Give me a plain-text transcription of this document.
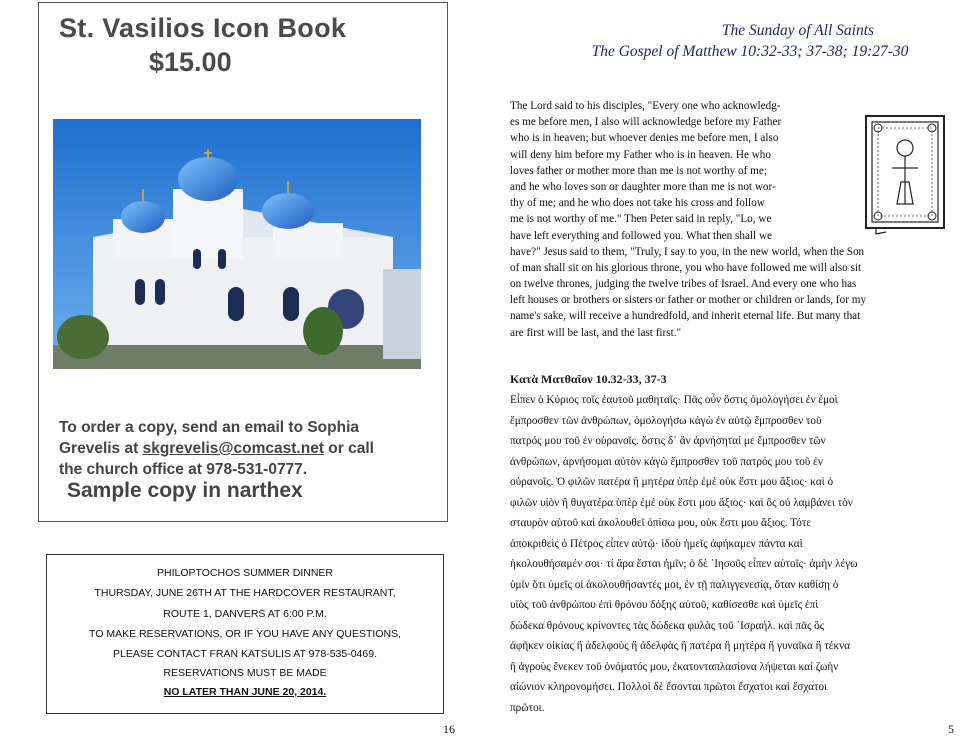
St. Vasilios Icon Book
$15.00
To order a copy, send an email to Sophia
Grevelis at skgrevelis@comcast.net or call
the church office at 978-531-0777.
Sample copy in narthex
PHILOPTOCHOS SUMMER DINNER
THURSDAY, JUNE 26TH AT THE HARDCOVER RESTAURANT,
ROUTE 1, DANVERS AT 6:00 P.M.
TO MAKE RESERVATIONS, OR IF YOU HAVE ANY QUESTIONS,
PLEASE CONTACT FRAN KATSULIS AT 978-535-0469.
RESERVATIONS MUST BE MADE
NO LATER THAN JUNE 20, 2014.
16
The Sunday of All Saints
The Gospel of Matthew 10:32-33; 37-38; 19:27-30
The Lord said to his disciples, "Every one who acknowledg-
es me before men, I also will acknowledge before my Father
who is in heaven; but whoever denies me before men, I also
will deny him before my Father who is in heaven. He who
loves father or mother more than me is not worthy of me;
and he who loves son or daughter more than me is not wor-
thy of me; and he who does not take his cross and follow
me is not worthy of me." Then Peter said in reply, "Lo, we
have left everything and followed you. What then shall we
have?" Jesus said to them, "Truly, I say to you, in the new world, when the Son
of man shall sit on his glorious throne, you who have followed me will also sit
on twelve thrones, judging the twelve tribes of Israel. And every one who has
left houses or brothers or sisters or father or mother or children or lands, for my
name's sake, will receive a hundredfold, and inherit eternal life. But many that
are first will be last, and the last first."
Κατὰ Ματθαῖον 10.32-33, 37-3
Εἶπεν ὁ Κύριος τοῖς ἑαυτοῦ μαθηταῖς· Πᾶς οὖν ὅστις ὁμολογήσει ἐν ἐμοὶ
ἔμπροσθεν τῶν ἀνθρώπων, ὁμολογήσω κἀγὼ ἐν αὐτῷ ἔμπροσθεν τοῦ
πατρός μου τοῦ ἐν οὐρανοῖς. ὅστις δ᾿ ἂν ἀρνήσηταί με ἔμπροσθεν τῶν
ἀνθρώπων, ἀρνήσομαι αὐτὸν κἀγὼ ἔμπροσθεν τοῦ πατρός μου τοῦ ἐν
οὐρανοῖς. Ὁ φιλῶν πατέρα ἢ μητέρα ὑπὲρ ἐμὲ οὐκ ἔστι μου ἄξιος· καὶ ὁ
φιλῶν υἱὸν ἢ θυγατέρα ὑπὲρ ἐμὲ οὐκ ἔστι μου ἄξιος· καὶ ὃς οὐ λαμβάνει τὸν
σταυρὸν αὐτοῦ καὶ ἀκολουθεῖ ὀπίσω μου, οὐκ ἔστι μου ἄξιος. Τότε
ἀποκριθεὶς ὁ Πέτρος εἶπεν αὐτῷ· ἰδοὺ ἡμεῖς ἀφήκαμεν πάντα καὶ
ἠκολουθήσαμέν σοι· τί ἄρα ἔσται ἡμῖν; ὁ δὲ ᾿Ιησοῦς εἶπεν αὐτοῖς· ἀμὴν λέγω
ὑμῖν ὅτι ὑμεῖς οἱ ἀκολουθήσαντές μοι, ἐν τῇ παλιγγενεσίᾳ, ὅταν καθίσῃ ὁ
υἱὸς τοῦ ἀνθρώπου ἐπὶ θρόνου δόξης αὐτοῦ, καθίσεσθε καὶ ὑμεῖς ἐπὶ
δώδεκα θρόνους κρίνοντες τὰς δώδεκα φυλὰς τοῦ ᾿Ισραήλ. καὶ πᾶς ὃς
ἀφῆκεν οἰκίας ἢ ἀδελφοὺς ἢ ἀδελφὰς ἢ πατέρα ἢ μητέρα ἢ γυναῖκα ἢ τέκνα
ἢ ἀγροὺς ἕνεκεν τοῦ ὀνόματός μου, ἑκατονταπλασίονα λήψεται καὶ ζωὴν
αἰώνιον κληρονομήσει. Πολλοὶ δὲ ἔσονται πρῶτοι ἔσχατοι καὶ ἔσχατοι
πρῶτοι.
5
